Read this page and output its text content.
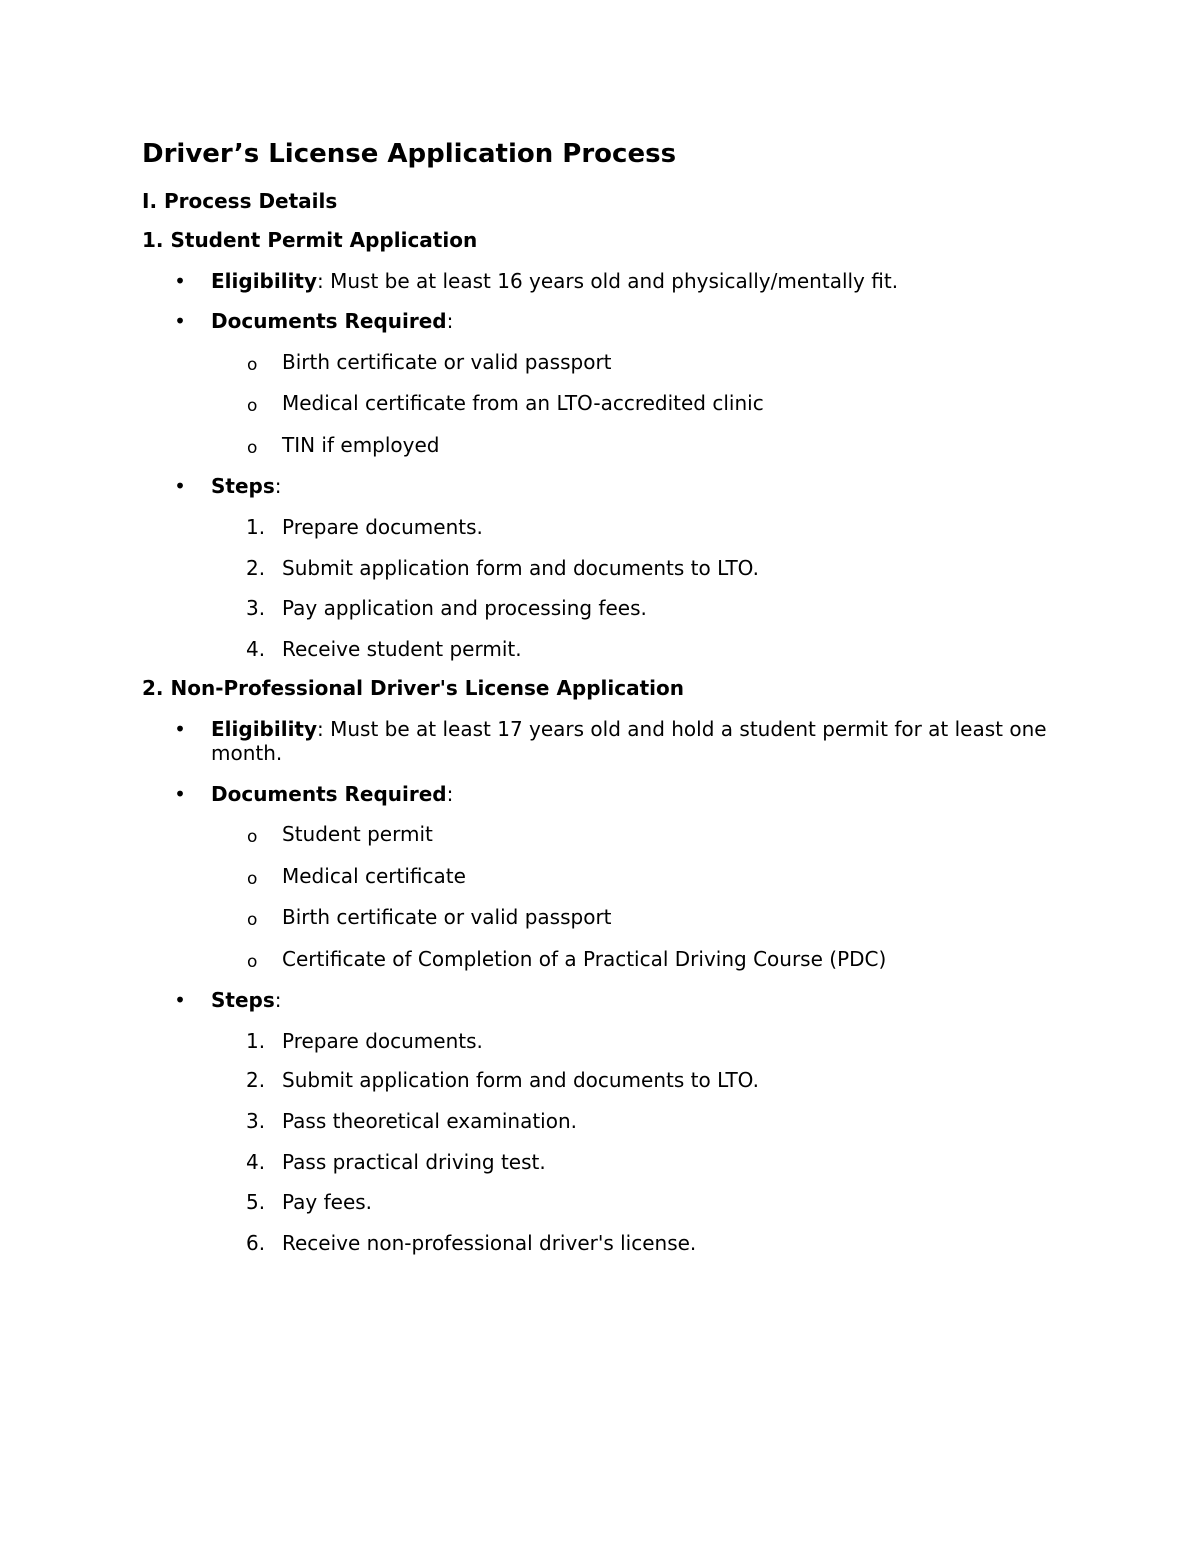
Driver’s License Application Process
I. Process Details
1. Student Permit Application
• Eligibility: Must be at least 16 years old and physically/mentally fit.

• Documents Required:

o Birth certificate or valid passport

o Medical certificate from an LTO-accredited clinic

o TIN if employed

• Steps:

1. Prepare documents.

2. Submit application form and documents to LTO.

3. Pay application and processing fees.

4. Receive student permit.

2. Non-Professional Driver's License Application
• Eligibility: Must be at least 17 years old and hold a student permit for at least one month.

• Documents Required:

o Student permit

o Medical certificate

o Birth certificate or valid passport

o Certificate of Completion of a Practical Driving Course (PDC)

• Steps:

1. Prepare documents.

2. Submit application form and documents to LTO.

3. Pass theoretical examination.

4. Pass practical driving test.

5. Pay fees.

6. Receive non-professional driver's license.
